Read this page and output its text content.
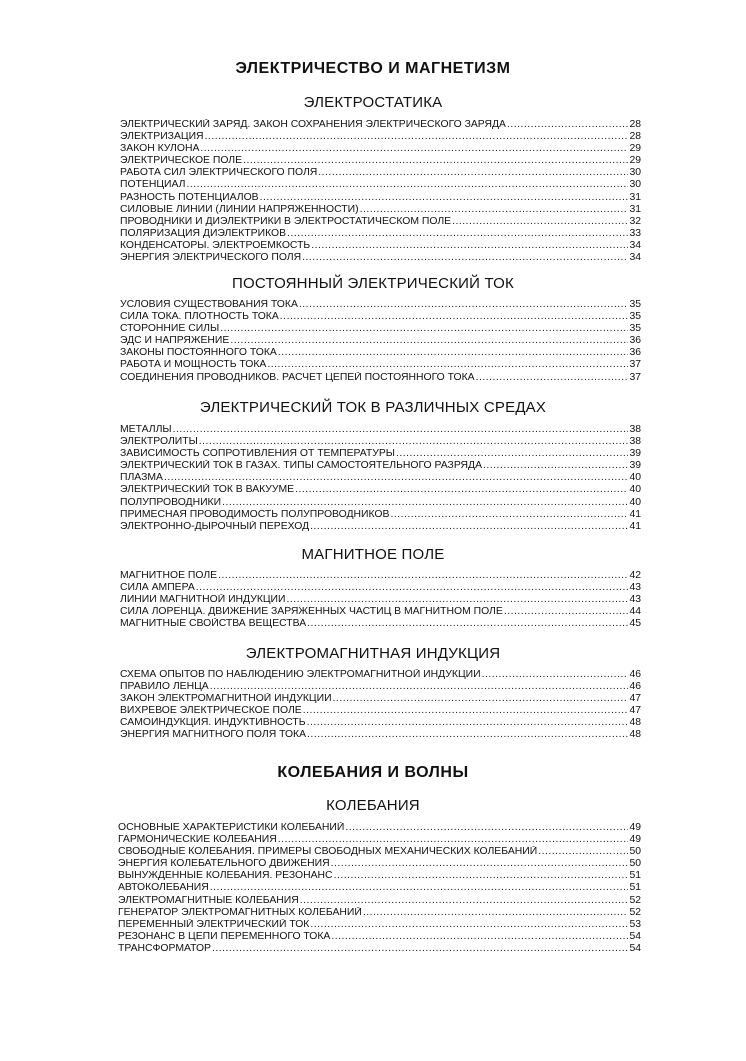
ЭЛЕКТРИЧЕСТВО И МАГНЕТИЗМ
ЭЛЕКТРОСТАТИКА
ЭЛЕКТРИЧЕСКИЙ ЗАРЯД. ЗАКОН СОХРАНЕНИЯ ЭЛЕКТРИЧЕСКОГО ЗАРЯДА .....	28
ЭЛЕКТРИЗАЦИЯ .....	28
ЗАКОН КУЛОНА .....	29
ЭЛЕКТРИЧЕСКОЕ ПОЛЕ .....	29
РАБОТА СИЛ ЭЛЕКТРИЧЕСКОГО ПОЛЯ .....	30
ПОТЕНЦИАЛ .....	30
РАЗНОСТЬ ПОТЕНЦИАЛОВ .....	31
СИЛОВЫЕ ЛИНИИ (ЛИНИИ НАПРЯЖЕННОСТИ) .....	31
ПРОВОДНИКИ И ДИЭЛЕКТРИКИ В ЭЛЕКТРОСТАТИЧЕСКОМ ПОЛЕ .....	32
ПОЛЯРИЗАЦИЯ ДИЭЛЕКТРИКОВ .....	33
КОНДЕНСАТОРЫ. ЭЛЕКТРОЕМКОСТЬ .....	34
ЭНЕРГИЯ ЭЛЕКТРИЧЕСКОГО ПОЛЯ .....	34
ПОСТОЯННЫЙ ЭЛЕКТРИЧЕСКИЙ ТОК
УСЛОВИЯ СУЩЕСТВОВАНИЯ ТОКА .....	35
СИЛА ТОКА. ПЛОТНОСТЬ ТОКА .....	35
СТОРОННИЕ СИЛЫ .....	35
ЭДС И НАПРЯЖЕНИЕ .....	36
ЗАКОНЫ ПОСТОЯННОГО ТОКА .....	36
РАБОТА И МОЩНОСТЬ ТОКА .....	37
СОЕДИНЕНИЯ ПРОВОДНИКОВ. РАСЧЕТ ЦЕПЕЙ ПОСТОЯННОГО ТОКА .....	37
ЭЛЕКТРИЧЕСКИЙ ТОК В РАЗЛИЧНЫХ СРЕДАХ
МЕТАЛЛЫ .....	38
ЭЛЕКТРОЛИТЫ .....	38
ЗАВИСИМОСТЬ СОПРОТИВЛЕНИЯ ОТ ТЕМПЕРАТУРЫ .....	39
ЭЛЕКТРИЧЕСКИЙ ТОК В ГАЗАХ. ТИПЫ САМОСТОЯТЕЛЬНОГО РАЗРЯДА .....	39
ПЛАЗМА .....	40
ЭЛЕКТРИЧЕСКИЙ ТОК В ВАКУУМЕ .....	40
ПОЛУПРОВОДНИКИ .....	40
ПРИМЕСНАЯ ПРОВОДИМОСТЬ ПОЛУПРОВОДНИКОВ .....	41
ЭЛЕКТРОННО-ДЫРОЧНЫЙ ПЕРЕХОД .....	41
МАГНИТНОЕ ПОЛЕ
МАГНИТНОЕ ПОЛЕ .....	42
СИЛА АМПЕРА .....	43
ЛИНИИ МАГНИТНОЙ ИНДУКЦИИ .....	43
СИЛА ЛОРЕНЦА. ДВИЖЕНИЕ ЗАРЯЖЕННЫХ ЧАСТИЦ В МАГНИТНОМ ПОЛЕ .....	44
МАГНИТНЫЕ СВОЙСТВА ВЕЩЕСТВА .....	45
ЭЛЕКТРОМАГНИТНАЯ ИНДУКЦИЯ
СХЕМА ОПЫТОВ ПО НАБЛЮДЕНИЮ ЭЛЕКТРОМАГНИТНОЙ ИНДУКЦИИ .....	46
ПРАВИЛО ЛЕНЦА .....	46
ЗАКОН ЭЛЕКТРОМАГНИТНОЙ ИНДУКЦИИ .....	47
ВИХРЕВОЕ ЭЛЕКТРИЧЕСКОЕ ПОЛЕ .....	47
САМОИНДУКЦИЯ. ИНДУКТИВНОСТЬ .....	48
ЭНЕРГИЯ МАГНИТНОГО ПОЛЯ ТОКА .....	48
КОЛЕБАНИЯ И ВОЛНЫ
КОЛЕБАНИЯ
ОСНОВНЫЕ ХАРАКТЕРИСТИКИ КОЛЕБАНИЙ .....	49
ГАРМОНИЧЕСКИЕ КОЛЕБАНИЯ .....	49
СВОБОДНЫЕ КОЛЕБАНИЯ. ПРИМЕРЫ СВОБОДНЫХ МЕХАНИЧЕСКИХ КОЛЕБАНИЙ .....	50
ЭНЕРГИЯ КОЛЕБАТЕЛЬНОГО ДВИЖЕНИЯ .....	50
ВЫНУЖДЕННЫЕ КОЛЕБАНИЯ. РЕЗОНАНС .....	51
АВТОКОЛЕБАНИЯ .....	51
ЭЛЕКТРОМАГНИТНЫЕ КОЛЕБАНИЯ .....	52
ГЕНЕРАТОР ЭЛЕКТРОМАГНИТНЫХ КОЛЕБАНИЙ .....	52
ПЕРЕМЕННЫЙ ЭЛЕКТРИЧЕСКИЙ ТОК .....	53
РЕЗОНАНС В ЦЕПИ ПЕРЕМЕННОГО ТОКА .....	54
ТРАНСФОРМАТОР .....	54
